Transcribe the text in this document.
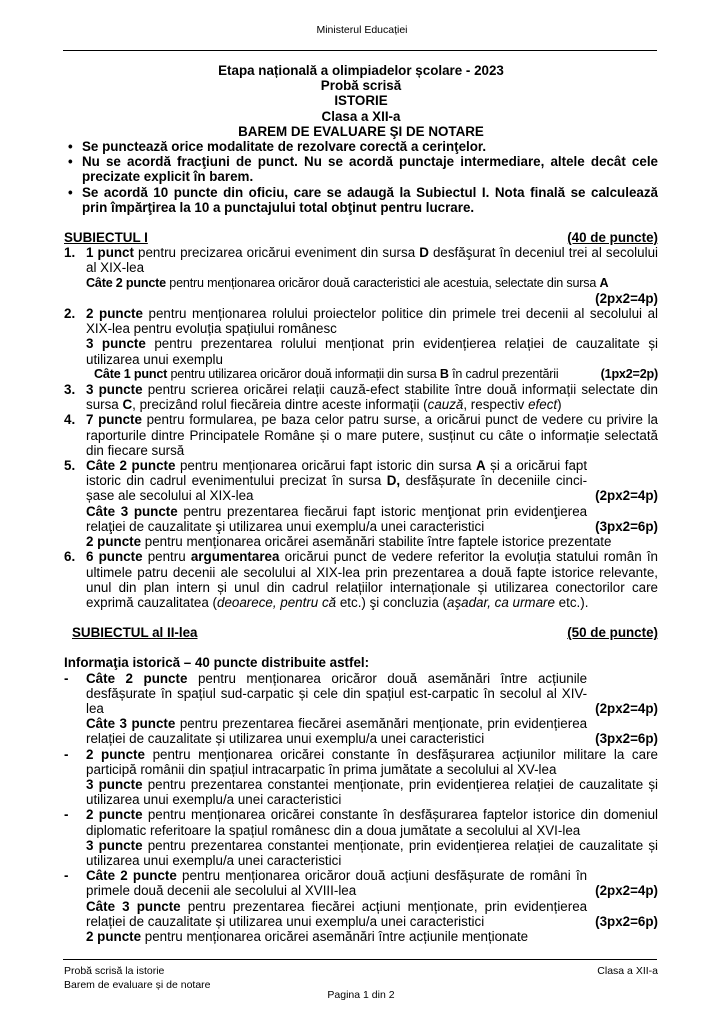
Ministerul Educației
Etapa națională a olimpiadelor școlare - 2023
Probă scrisă
ISTORIE
Clasa a XII-a
BAREM DE EVALUARE ŞI DE NOTARE
• Se punctează orice modalitate de rezolvare corectă a cerinţelor.
• Nu se acordă fracţiuni de punct. Nu se acordă punctaje intermediare, altele decât cele precizate explicit în barem.
• Se acordă 10 puncte din oficiu, care se adaugă la Subiectul I. Nota finală se calculează prin împărţirea la 10 a punctajului total obţinut pentru lucrare.
SUBIECTUL I	(40 de puncte)
1. 1 punct pentru precizarea oricărui eveniment din sursa D desfăşurat în deceniul trei al secolului al XIX-lea
Câte 2 puncte pentru menționarea oricăror două caracteristici ale acestuia, selectate din sursa A
(2px2=4p)
2. 2 puncte pentru menționarea rolului proiectelor politice din primele trei decenii al secolului al XIX-lea pentru evoluția spațiului românesc
3 puncte pentru prezentarea rolului menționat prin evidențierea relației de cauzalitate și utilizarea unui exemplu
Câte 1 punct pentru utilizarea oricăror două informații din sursa B în cadrul prezentării	(1px2=2p)
3. 3 puncte pentru scrierea oricărei relații cauză-efect stabilite între două informații selectate din sursa C, precizând rolul fiecăreia dintre aceste informații (cauză, respectiv efect)
4. 7 puncte pentru formularea, pe baza celor patru surse, a oricărui punct de vedere cu privire la raporturile dintre Principatele Române și o mare putere, susținut cu câte o informație selectată din fiecare sursă
5. Câte 2 puncte pentru menționarea oricărui fapt istoric din sursa A și a oricărui fapt istoric din cadrul evenimentului precizat în sursa D, desfășurate în deceniile cinci-șase ale secolului al XIX-lea	(2px2=4p)
Câte 3 puncte pentru prezentarea fiecărui fapt istoric menţionat prin evidenţierea relaţiei de cauzalitate şi utilizarea unui exemplu/a unei caracteristici	(3px2=6p)
2 puncte pentru menționarea oricărei asemănări stabilite între faptele istorice prezentate
6. 6 puncte pentru argumentarea oricărui punct de vedere referitor la evoluția statului român în ultimele patru decenii ale secolului al XIX-lea prin prezentarea a două fapte istorice relevante, unul din plan intern și unul din cadrul relațiilor internaționale și utilizarea conectorilor care exprimă cauzalitatea (deoarece, pentru că etc.) şi concluzia (aşadar, ca urmare etc.).
SUBIECTUL al II-lea	(50 de puncte)
Informaţia istorică – 40 puncte distribuite astfel:
-	Câte 2 puncte pentru menționarea oricăror două asemănări între acțiunile desfășurate în spațiul sud-carpatic și cele din spațiul est-carpatic în secolul al XIV-lea	(2px2=4p)
Câte 3 puncte pentru prezentarea fiecărei asemănări menționate, prin evidențierea relației de cauzalitate și utilizarea unui exemplu/a unei caracteristici	(3px2=6p)
-	2 puncte pentru menționarea oricărei constante în desfășurarea acțiunilor militare la care participă românii din spațiul intracarpatic în prima jumătate a secolului al XV-lea
3 puncte pentru prezentarea constantei menționate, prin evidențierea relației de cauzalitate și utilizarea unui exemplu/a unei caracteristici
-	2 puncte pentru menționarea oricărei constante în desfășurarea faptelor istorice din domeniul diplomatic referitoare la spațiul românesc din a doua jumătate a secolului al XVI-lea
3 puncte pentru prezentarea constantei menționate, prin evidențierea relației de cauzalitate și utilizarea unui exemplu/a unei caracteristici
-	Câte 2 puncte pentru menționarea oricăror două acțiuni desfășurate de români în primele două decenii ale secolului al XVIII-lea	(2px2=4p)
Câte 3 puncte pentru prezentarea fiecărei acțiuni menționate, prin evidențierea relației de cauzalitate și utilizarea unui exemplu/a unei caracteristici	(3px2=6p)
2 puncte pentru menționarea oricărei asemănări între acțiunile menționate
Probă scrisă la istorie
Barem de evaluare și de notare
Clasa a XII-a
Pagina 1 din 2
